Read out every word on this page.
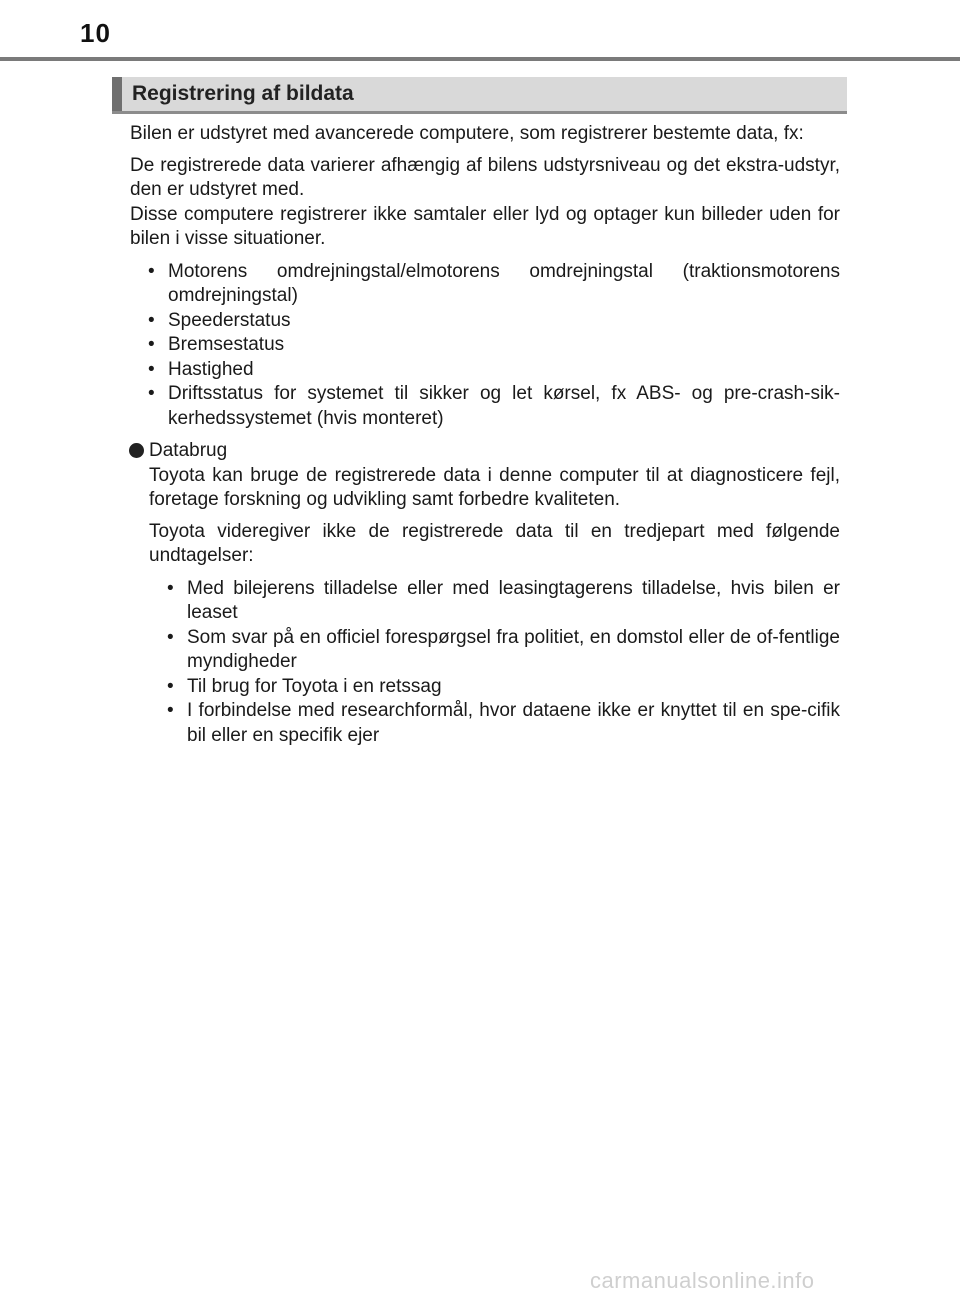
10
Registrering af bildata

Bilen er udstyret med avancerede computere, som registrerer bestemte data, fx:

De registrerede data varierer afhængig af bilens udstyrsniveau og det ekstra-udstyr, den er udstyret med.

Disse computere registrerer ikke samtaler eller lyd og optager kun billeder uden for bilen i visse situationer.

• Motorens omdrejningstal/elmotorens omdrejningstal (traktionsmotorens omdrejningstal)
• Speederstatus
• Bremsestatus
• Hastighed
• Driftsstatus for systemet til sikker og let kørsel, fx ABS- og pre-crash-sik-kerhedssystemet (hvis monteret)
Databrug

Toyota kan bruge de registrerede data i denne computer til at diagnosticere fejl, foretage forskning og udvikling samt forbedre kvaliteten.

Toyota videregiver ikke de registrerede data til en tredjepart med følgende undtagelser:

• Med bilejerens tilladelse eller med leasingtagerens tilladelse, hvis bilen er leaset
• Som svar på en officiel forespørgsel fra politiet, en domstol eller de of-fentlige myndigheder
• Til brug for Toyota i en retssag
• I forbindelse med researchformål, hvor dataene ikke er knyttet til en spe-cifik bil eller en specifik ejer
carmanualsonline.info
